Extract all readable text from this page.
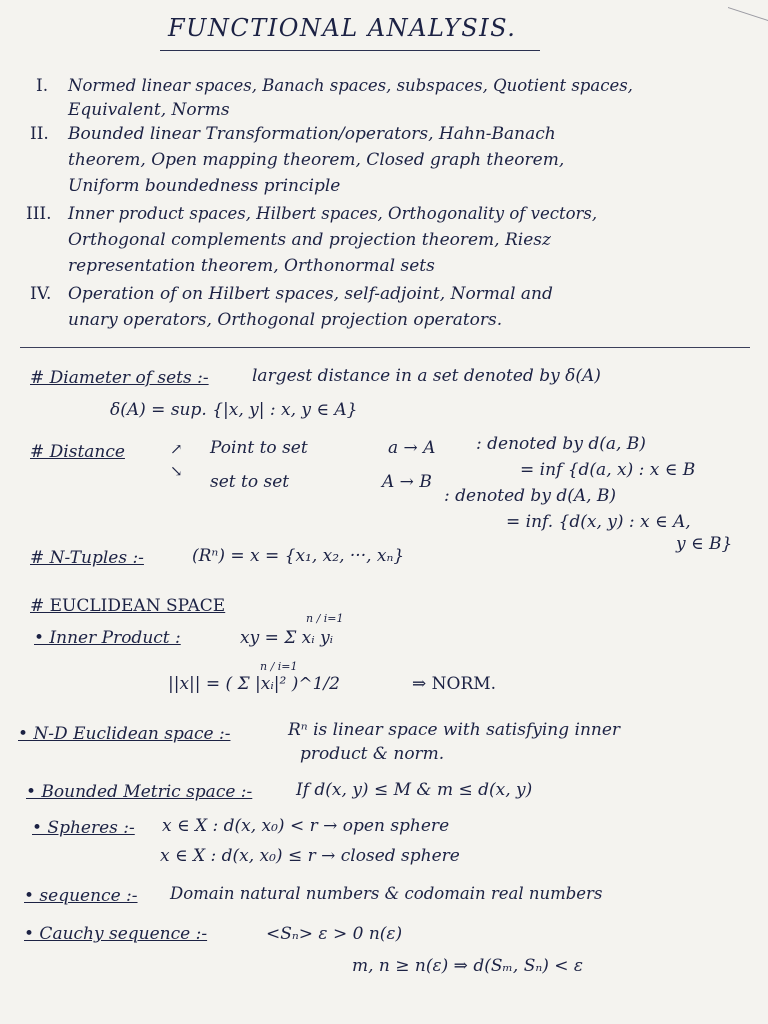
FUNCTIONAL ANALYSIS.
I. Normed linear spaces, Banach spaces, subspaces, Quotient spaces,
Equivalent, Norms
II. Bounded linear Transformation/operators, Hahn-Banach
theorem, Open mapping theorem, Closed graph theorem,
Uniform boundedness principle
III. Inner product spaces, Hilbert spaces, Orthogonality of vectors,
Orthogonal complements and projection theorem, Riesz
representation theorem, Orthonormal sets
IV. Operation of on Hilbert spaces, self-adjoint, Normal and
unary operators, Orthogonal projection operators.
# Diameter of sets :-	largest distance in a set denoted by δ(A)
δ(A) = sup. {|x, y| : x, y ∈ A}
# Distance	↗
↘
Point to set	a → A : denoted by d(a, B)
= inf {d(a, x) : x ∈ B
set to set	A → B
: denoted by d(A, B)
= inf. {d(x, y) : x ∈ A,
y ∈ B}
# N-Tuples :-	(Rⁿ) = x = {x₁, x₂, ···, xₙ}
# EUCLIDEAN SPACE
• Inner Product :	xy = Σ xᵢ yᵢ
n / i=1
||x|| = ( Σ |xᵢ|² )^1/2
n / i=1
⇒ NORM.
• N-D Euclidean space :-	Rⁿ is linear space with satisfying inner
product & norm.
• Bounded Metric space :-	If d(x, y) ≤ M & m ≤ d(x, y)
• Spheres :- x ∈ X : d(x, x₀) < r → open sphere
x ∈ X : d(x, x₀) ≤ r → closed sphere
• sequence :- Domain natural numbers & codomain real numbers
• Cauchy sequence :-	<Sₙ> ε > 0 n(ε)
m, n ≥ n(ε) ⇒ d(Sₘ, Sₙ) < ε
